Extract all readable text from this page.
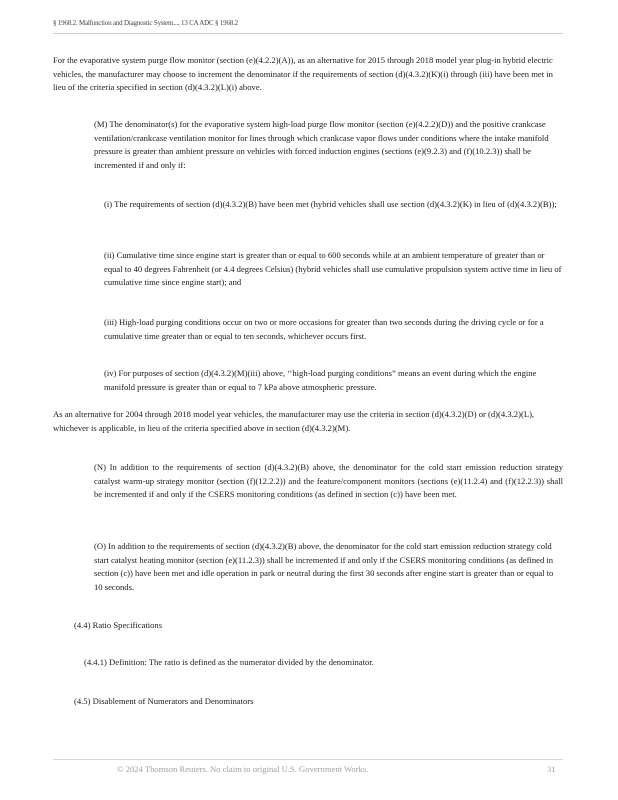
§ 1968.2. Malfunction and Diagnostic System..., 13 CA ADC § 1968.2

For the evaporative system purge flow monitor (section (e)(4.2.2)(A)), as an alternative for 2015 through 2018 model year plug-in hybrid electric vehicles, the manufacturer may choose to increment the denominator if the requirements of section (d)(4.3.2)(K)(i) through (iii) have been met in lieu of the criteria specified in section (d)(4.3.2)(L)(i) above.

(M) The denominator(s) for the evaporative system high-load purge flow monitor (section (e)(4.2.2)(D)) and the positive crankcase ventilation/crankcase ventilation monitor for lines through which crankcase vapor flows under conditions where the intake manifold pressure is greater than ambient pressure on vehicles with forced induction engines (sections (e)(9.2.3) and (f)(10.2.3)) shall be incremented if and only if:

(i) The requirements of section (d)(4.3.2)(B) have been met (hybrid vehicles shall use section (d)(4.3.2)(K) in lieu of (d)(4.3.2)(B));

(ii) Cumulative time since engine start is greater than or equal to 600 seconds while at an ambient temperature of greater than or equal to 40 degrees Fahrenheit (or 4.4 degrees Celsius) (hybrid vehicles shall use cumulative propulsion system active time in lieu of cumulative time since engine start); and

(iii) High-load purging conditions occur on two or more occasions for greater than two seconds during the driving cycle or for a cumulative time greater than or equal to ten seconds, whichever occurs first.

(iv) For purposes of section (d)(4.3.2)(M)(iii) above, ‘‘high-load purging conditions” means an event during which the engine manifold pressure is greater than or equal to 7 kPa above atmospheric pressure.

As an alternative for 2004 through 2018 model year vehicles, the manufacturer may use the criteria in section (d)(4.3.2)(D) or (d)(4.3.2)(L), whichever is applicable, in lieu of the criteria specified above in section (d)(4.3.2)(M).

(N) In addition to the requirements of section (d)(4.3.2)(B) above, the denominator for the cold start emission reduction strategy catalyst warm-up strategy monitor (section (f)(12.2.2)) and the feature/component monitors (sections (e)(11.2.4) and (f)(12.2.3)) shall be incremented if and only if the CSERS monitoring conditions (as defined in section (c)) have been met.

(O) In addition to the requirements of section (d)(4.3.2)(B) above, the denominator for the cold start emission reduction strategy cold start catalyst heating monitor (section (e)(11.2.3)) shall be incremented if and only if the CSERS monitoring conditions (as defined in section (c)) have been met and idle operation in park or neutral during the first 30 seconds after engine start is greater than or equal to 10 seconds.

(4.4) Ratio Specifications

(4.4.1) Definition: The ratio is defined as the numerator divided by the denominator.

(4.5) Disablement of Numerators and Denominators

© 2024 Thomson Reuters. No claim to original U.S. Government Works.	31
